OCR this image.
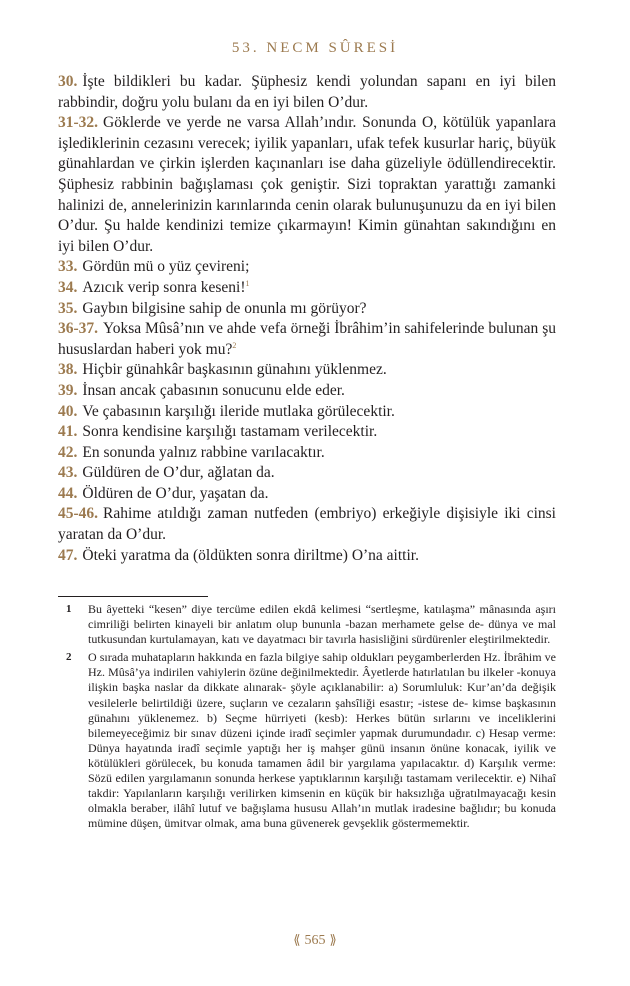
53. NECM SÛRESİ

30. İşte bildikleri bu kadar. Şüphesiz kendi yolundan sapanı en iyi bilen rabbindir, doğru yolu bulanı da en iyi bilen O’dur.

31-32. Göklerde ve yerde ne varsa Allah’ındır. Sonunda O, kötülük yapanlara işlediklerinin cezasını verecek; iyilik yapanları, ufak tefek kusurlar hariç, büyük günahlardan ve çirkin işlerden kaçınanları ise daha güzeliyle ödüllendirecektir. Şüphesiz rabbinin bağışlaması çok geniştir. Sizi topraktan yarattığı zamanki halinizi de, annelerinizin karınlarında cenin olarak bulunuşunuzu da en iyi bilen O’dur. Şu halde kendinizi temize çıkarmayın! Kimin günahtan sakındığını en iyi bilen O’dur.

33. Gördün mü o yüz çevireni;

34. Azıcık verip sonra keseni!$^1$

35. Gaybın bilgisine sahip de onunla mı görüyor?

36-37. Yoksa Mûsâ’nın ve ahde vefa örneği İbrâhim’in sahifelerinde bulunan şu hususlardan haberi yok mu?$^2$

38. Hiçbir günahkâr başkasının günahını yüklenmez.

39. İnsan ancak çabasının sonucunu elde eder.

40. Ve çabasının karşılığı ileride mutlaka görülecektir.

41. Sonra kendisine karşılığı tastamam verilecektir.

42. En sonunda yalnız rabbine varılacaktır.

43. Güldüren de O’dur, ağlatan da.

44. Öldüren de O’dur, yaşatan da.

45-46. Rahime atıldığı zaman nutfeden (embriyo) erkeğiyle dişisiyle iki cinsi yaratan da O’dur.

47. Öteki yaratma da (öldükten sonra diriltme) O’na aittir.

1 Bu âyetteki “kesen” diye tercüme edilen ekdâ kelimesi “sertleşme, katılaşma” mânasında aşırı cimriliği belirten kinayeli bir anlatım olup bununla -bazan merhamete gelse de- dünya ve mal tutkusundan kurtulamayan, katı ve dayatmacı bir tavırla hasisliğini sürdürenler eleştirilmektedir.

2 O sırada muhatapların hakkında en fazla bilgiye sahip oldukları peygamberlerden Hz. İbrâhim ve Hz. Mûsâ’ya indirilen vahiylerin özüne değinilmektedir. Âyetlerde hatırlatılan bu ilkeler -konuya ilişkin başka naslar da dikkate alınarak- şöyle açıklanabilir: a) Sorumluluk: Kur’an’da değişik vesilelerle belirtildiği üzere, suçların ve cezaların şahsîliği esastır; -istese de- kimse başkasının günahını yüklenemez. b) Seçme hürriyeti (kesb): Herkes bütün sırlarını ve inceliklerini bilemeyeceğimiz bir sınav düzeni içinde iradî seçimler yapmak durumundadır. c) Hesap verme: Dünya hayatında iradî seçimle yaptığı her iş mahşer günü insanın önüne konacak, iyilik ve kötülükleri görülecek, bu konuda tamamen âdil bir yargılama yapılacaktır. d) Karşılık verme: Sözü edilen yargılamanın sonunda herkese yaptıklarının karşılığı tastamam verilecektir. e) Nihaî takdir: Yapılanların karşılığı verilirken kimsenin en küçük bir haksızlığa uğratılmayacağı kesin olmakla beraber, ilâhî lutuf ve bağışlama hususu Allah’ın mutlak iradesine bağlıdır; bu konuda mümine düşen, ümitvar olmak, ama buna güvenerek gevşeklik göstermemektir.

⟪ 565 ⟫
